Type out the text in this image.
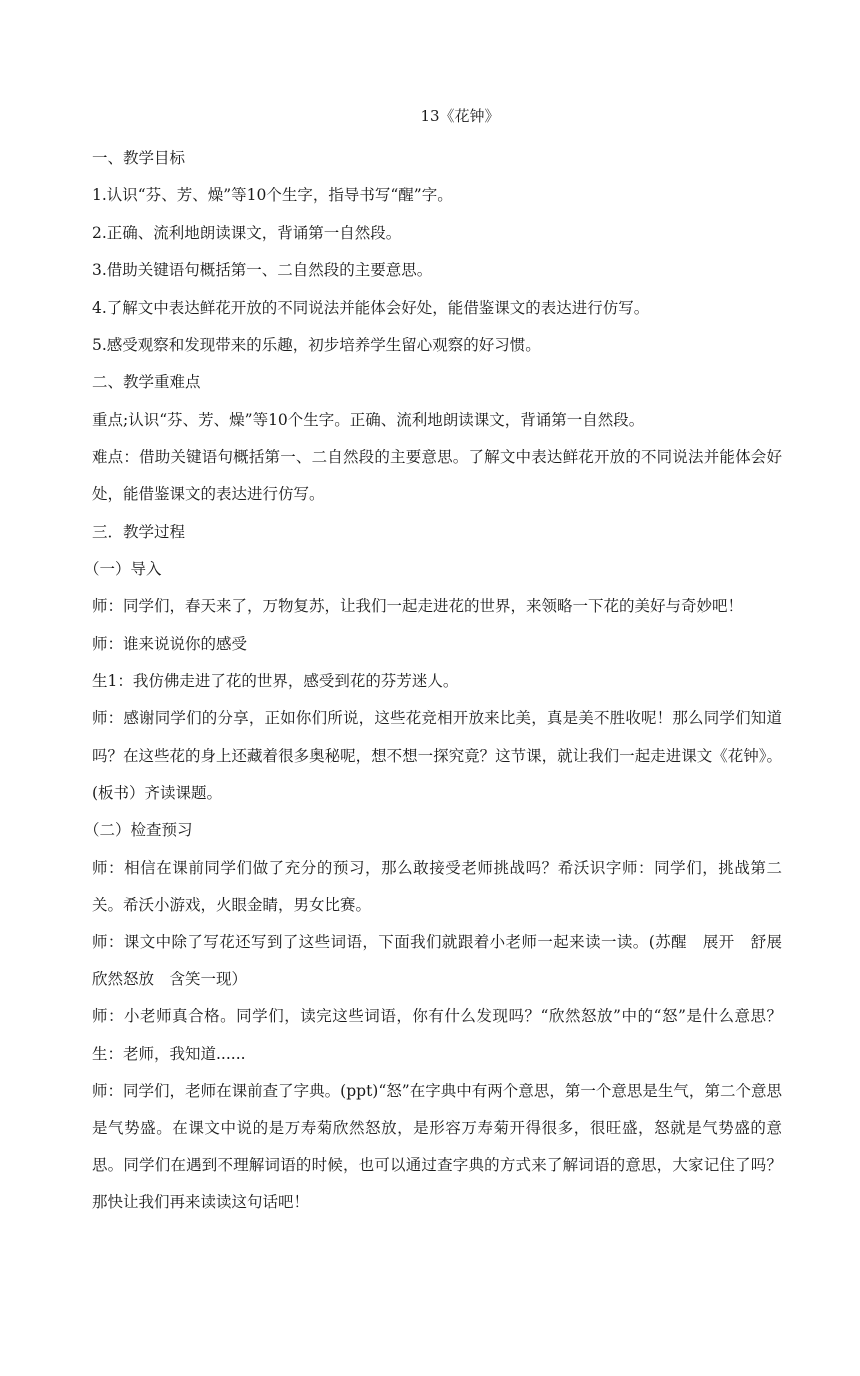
13《花钟》

一、教学目标

1.认识“芬、芳、燥”等10个生字，指导书写“醒”字。

2.正确、流利地朗读课文，背诵第一自然段。

3.借助关键语句概括第一、二自然段的主要意思。

4.了解文中表达鲜花开放的不同说法并能体会好处，能借鉴课文的表达进行仿写。

5.感受观察和发现带来的乐趣，初步培养学生留心观察的好习惯。

二、教学重难点

重点;认识“芬、芳、燥”等10个生字。正确、流利地朗读课文，背诵第一自然段。

难点：借助关键语句概括第一、二自然段的主要意思。了解文中表达鲜花开放的不同说法并能体会好处，能借鉴课文的表达进行仿写。

三．教学过程

（一）导入

师：同学们，春天来了，万物复苏，让我们一起走进花的世界，来领略一下花的美好与奇妙吧！

师：谁来说说你的感受

生1：我仿佛走进了花的世界，感受到花的芬芳迷人。

师：感谢同学们的分享，正如你们所说，这些花竞相开放来比美，真是美不胜收呢！那么同学们知道吗？在这些花的身上还藏着很多奥秘呢，想不想一探究竟？这节课，就让我们一起走进课文《花钟》。(板书）齐读课题。

（二）检查预习

师：相信在课前同学们做了充分的预习，那么敢接受老师挑战吗？希沃识字师：同学们，挑战第二关。希沃小游戏，火眼金睛，男女比赛。

师：课文中除了写花还写到了这些词语，下面我们就跟着小老师一起来读一读。(苏醒　展开　舒展　欣然怒放　含笑一现）

师：小老师真合格。同学们，读完这些词语，你有什么发现吗？“欣然怒放”中的“怒”是什么意思？生：老师，我知道......

师：同学们，老师在课前查了字典。(ppt)“怒”在字典中有两个意思，第一个意思是生气，第二个意思是气势盛。在课文中说的是万寿菊欣然怒放，是形容万寿菊开得很多，很旺盛，怒就是气势盛的意思。同学们在遇到不理解词语的时候，也可以通过查字典的方式来了解词语的意思，大家记住了吗？那快让我们再来读读这句话吧！
